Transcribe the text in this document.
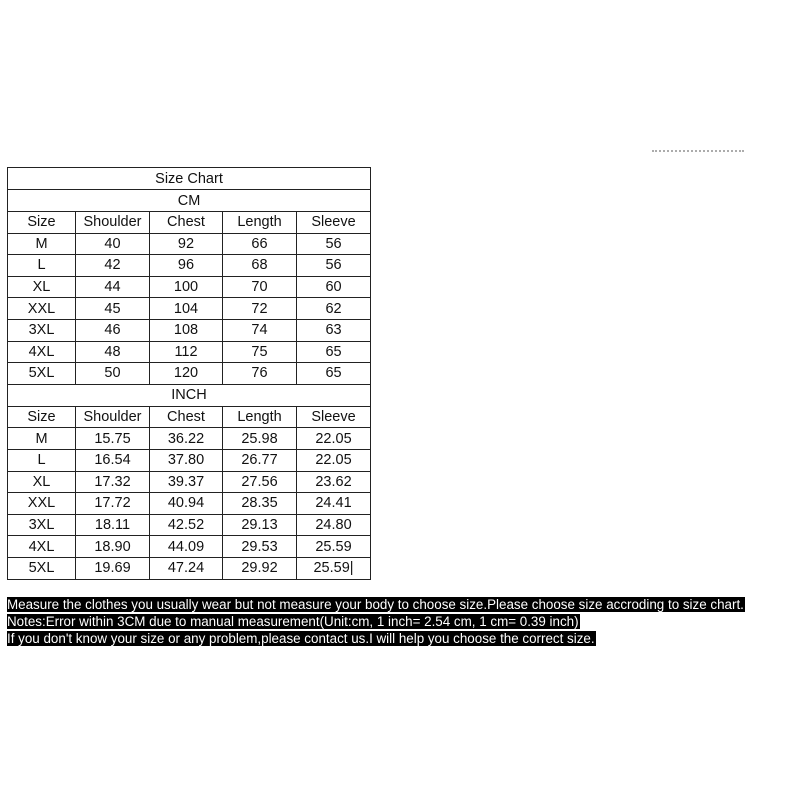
Size Chart				
CM				
Size	Shoulder	Chest	Length	Sleeve
M	40	92	66	56
L	42	96	68	56
XL	44	100	70	60
XXL	45	104	72	62
3XL	46	108	74	63
4XL	48	112	75	65
5XL	50	120	76	65
INCH				
Size	Shoulder	Chest	Length	Sleeve
M	15.75	36.22	25.98	22.05
L	16.54	37.80	26.77	22.05
XL	17.32	39.37	27.56	23.62
XXL	17.72	40.94	28.35	24.41
3XL	18.11	42.52	29.13	24.80
4XL	18.90	44.09	29.53	25.59
5XL	19.69	47.24	29.92	25.59|
Measure the clothes you usually wear but not measure your body to choose size.Please choose size accroding to size chart.
Notes:Error within 3CM due to manual measurement(Unit:cm, 1 inch= 2.54 cm, 1 cm= 0.39 inch)
If you don't know your size or any problem,please contact us.I will help you choose the correct size.
